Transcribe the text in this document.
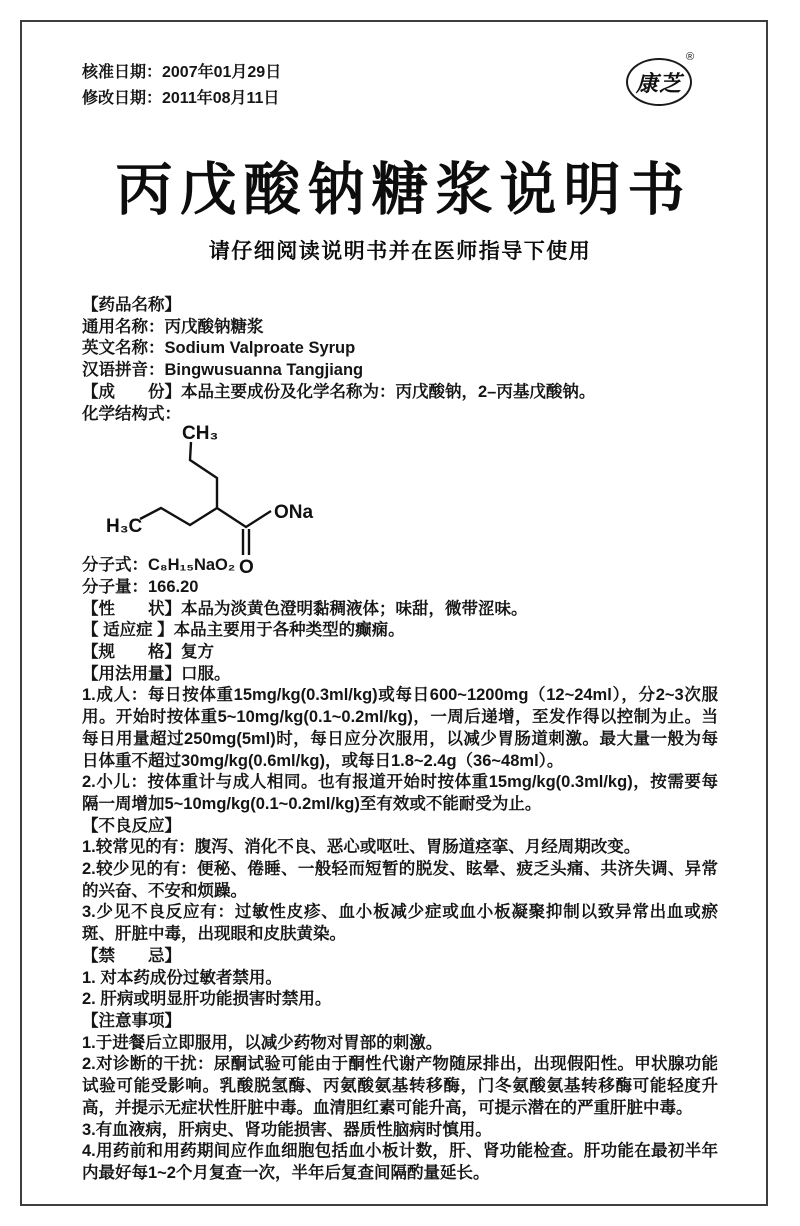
核准日期：2007年01月29日

修改日期：2011年08月11日

康芝
®
丙戊酸钠糖浆说明书
请仔细阅读说明书并在医师指导下使用

【药品名称】

通用名称：丙戊酸钠糖浆

英文名称：Sodium Valproate Syrup

汉语拼音：Bingwusuanna Tangjiang

【成　　份】本品主要成份及化学名称为：丙戊酸钠，2–丙基戊酸钠。

化学结构式：

CH₃
H₃C
ONa
O

分子式：C₈H₁₅NaO₂

分子量：166.20

【性　　状】本品为淡黄色澄明黏稠液体；味甜，微带涩味。

【 适应症 】本品主要用于各种类型的癫痫。

【规　　格】复方

【用法用量】口服。

1.成人：每日按体重15mg/kg(0.3ml/kg)或每日600~1200mg（12~24ml），分2~3次服用。开始时按体重5~10mg/kg(0.1~0.2ml/kg)，一周后递增，至发作得以控制为止。当每日用量超过250mg(5ml)时，每日应分次服用，以减少胃肠道刺激。最大量一般为每日体重不超过30mg/kg(0.6ml/kg)，或每日1.8~2.4g（36~48ml）。

2.小儿：按体重计与成人相同。也有报道开始时按体重15mg/kg(0.3ml/kg)，按需要每隔一周增加5~10mg/kg(0.1~0.2ml/kg)至有效或不能耐受为止。

【不良反应】

1.较常见的有：腹泻、消化不良、恶心或呕吐、胃肠道痉挛、月经周期改变。

2.较少见的有：便秘、倦睡、一般轻而短暂的脱发、眩晕、疲乏头痛、共济失调、异常的兴奋、不安和烦躁。

3.少见不良反应有：过敏性皮疹、血小板减少症或血小板凝聚抑制以致异常出血或瘀斑、肝脏中毒，出现眼和皮肤黄染。

【禁　　忌】

1. 对本药成份过敏者禁用。

2. 肝病或明显肝功能损害时禁用。

【注意事项】

1.于进餐后立即服用，以减少药物对胃部的刺激。

2.对诊断的干扰：尿酮试验可能由于酮性代谢产物随尿排出，出现假阳性。甲状腺功能试验可能受影响。乳酸脱氢酶、丙氨酸氨基转移酶，门冬氨酸氨基转移酶可能轻度升高，并提示无症状性肝脏中毒。血清胆红素可能升高，可提示潜在的严重肝脏中毒。

3.有血液病，肝病史、肾功能损害、器质性脑病时慎用。

4.用药前和用药期间应作血细胞包括血小板计数，肝、肾功能检查。肝功能在最初半年内最好每1~2个月复查一次，半年后复查间隔酌量延长。
